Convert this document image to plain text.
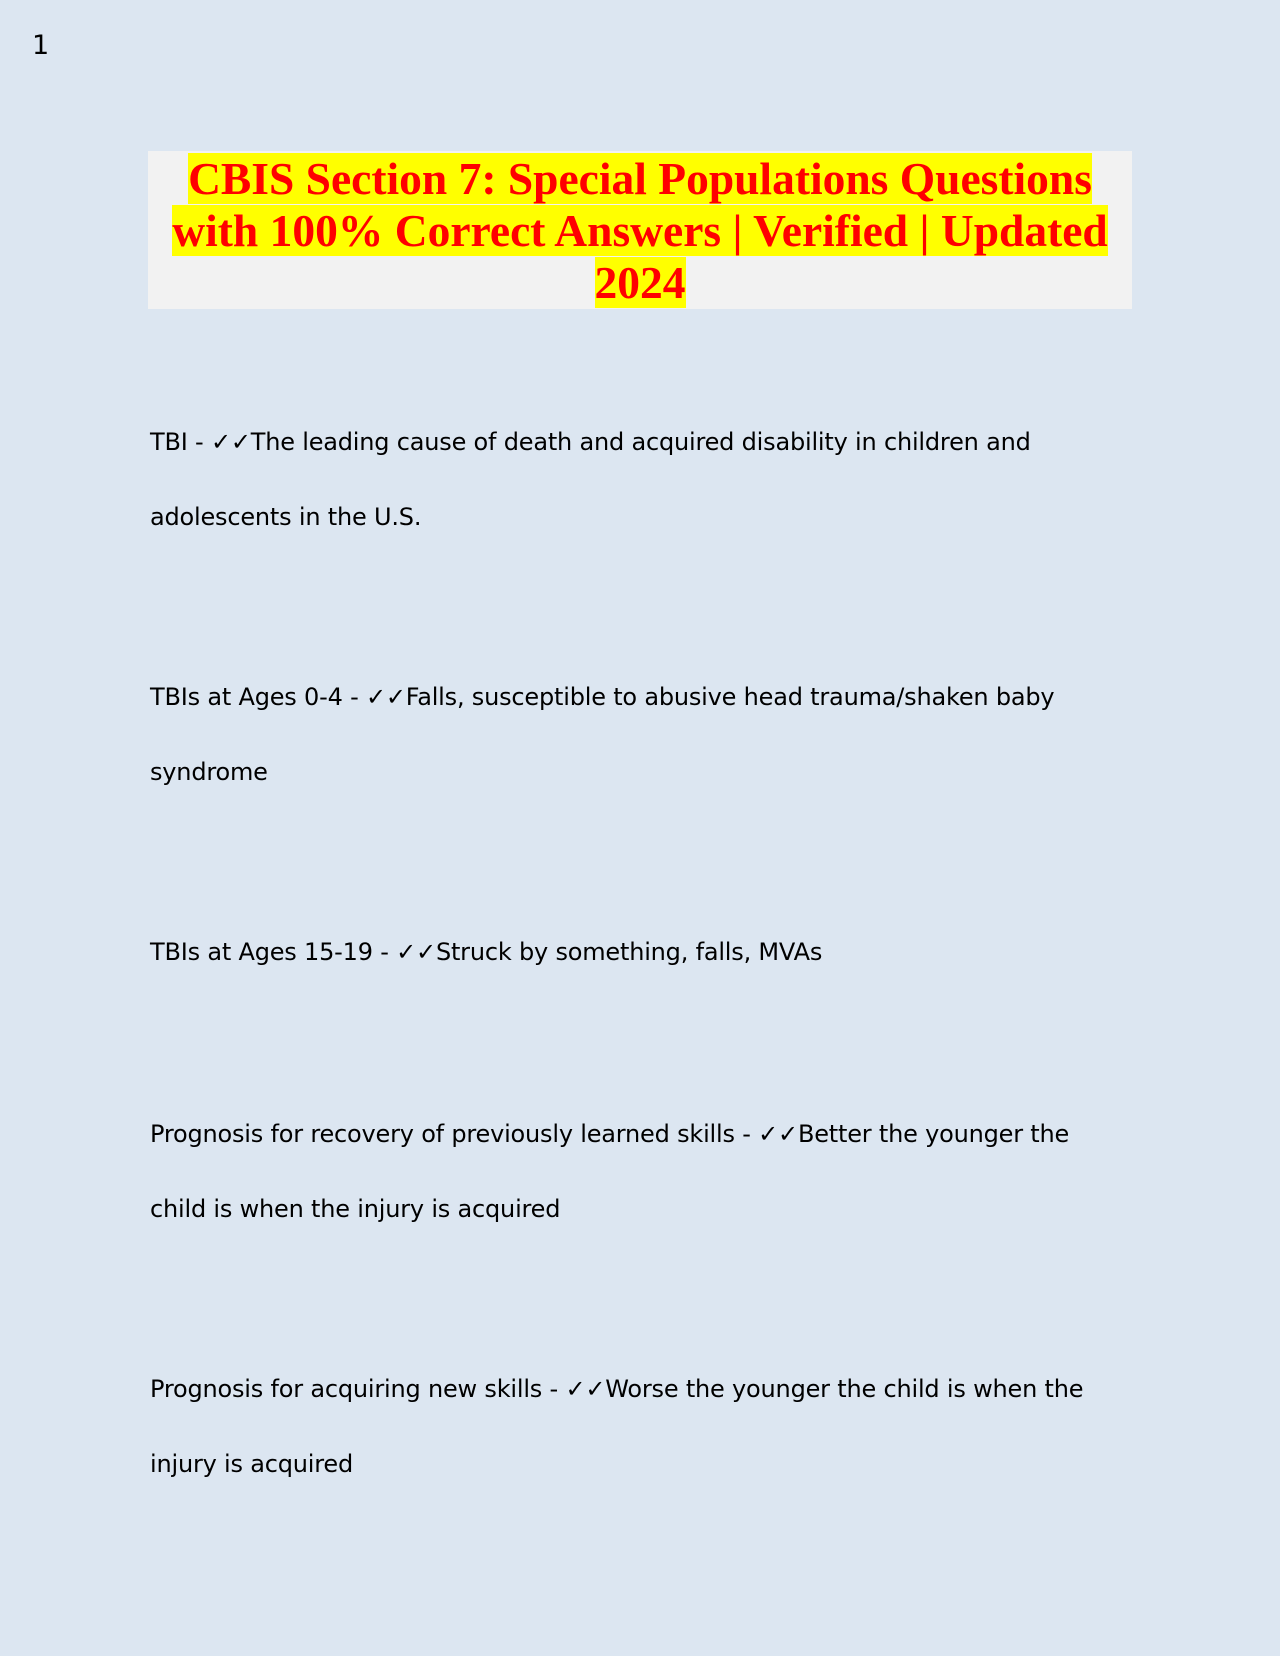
1
CBIS Section 7: Special Populations Questions with 100% Correct Answers | Verified | Updated 2024
TBI - ✓✓The leading cause of death and acquired disability in children and adolescents in the U.S.
TBIs at Ages 0-4 - ✓✓Falls, susceptible to abusive head trauma/shaken baby syndrome
TBIs at Ages 15-19 - ✓✓Struck by something, falls, MVAs
Prognosis for recovery of previously learned skills - ✓✓Better the younger the child is when the injury is acquired
Prognosis for acquiring new skills - ✓✓Worse the younger the child is when the injury is acquired
